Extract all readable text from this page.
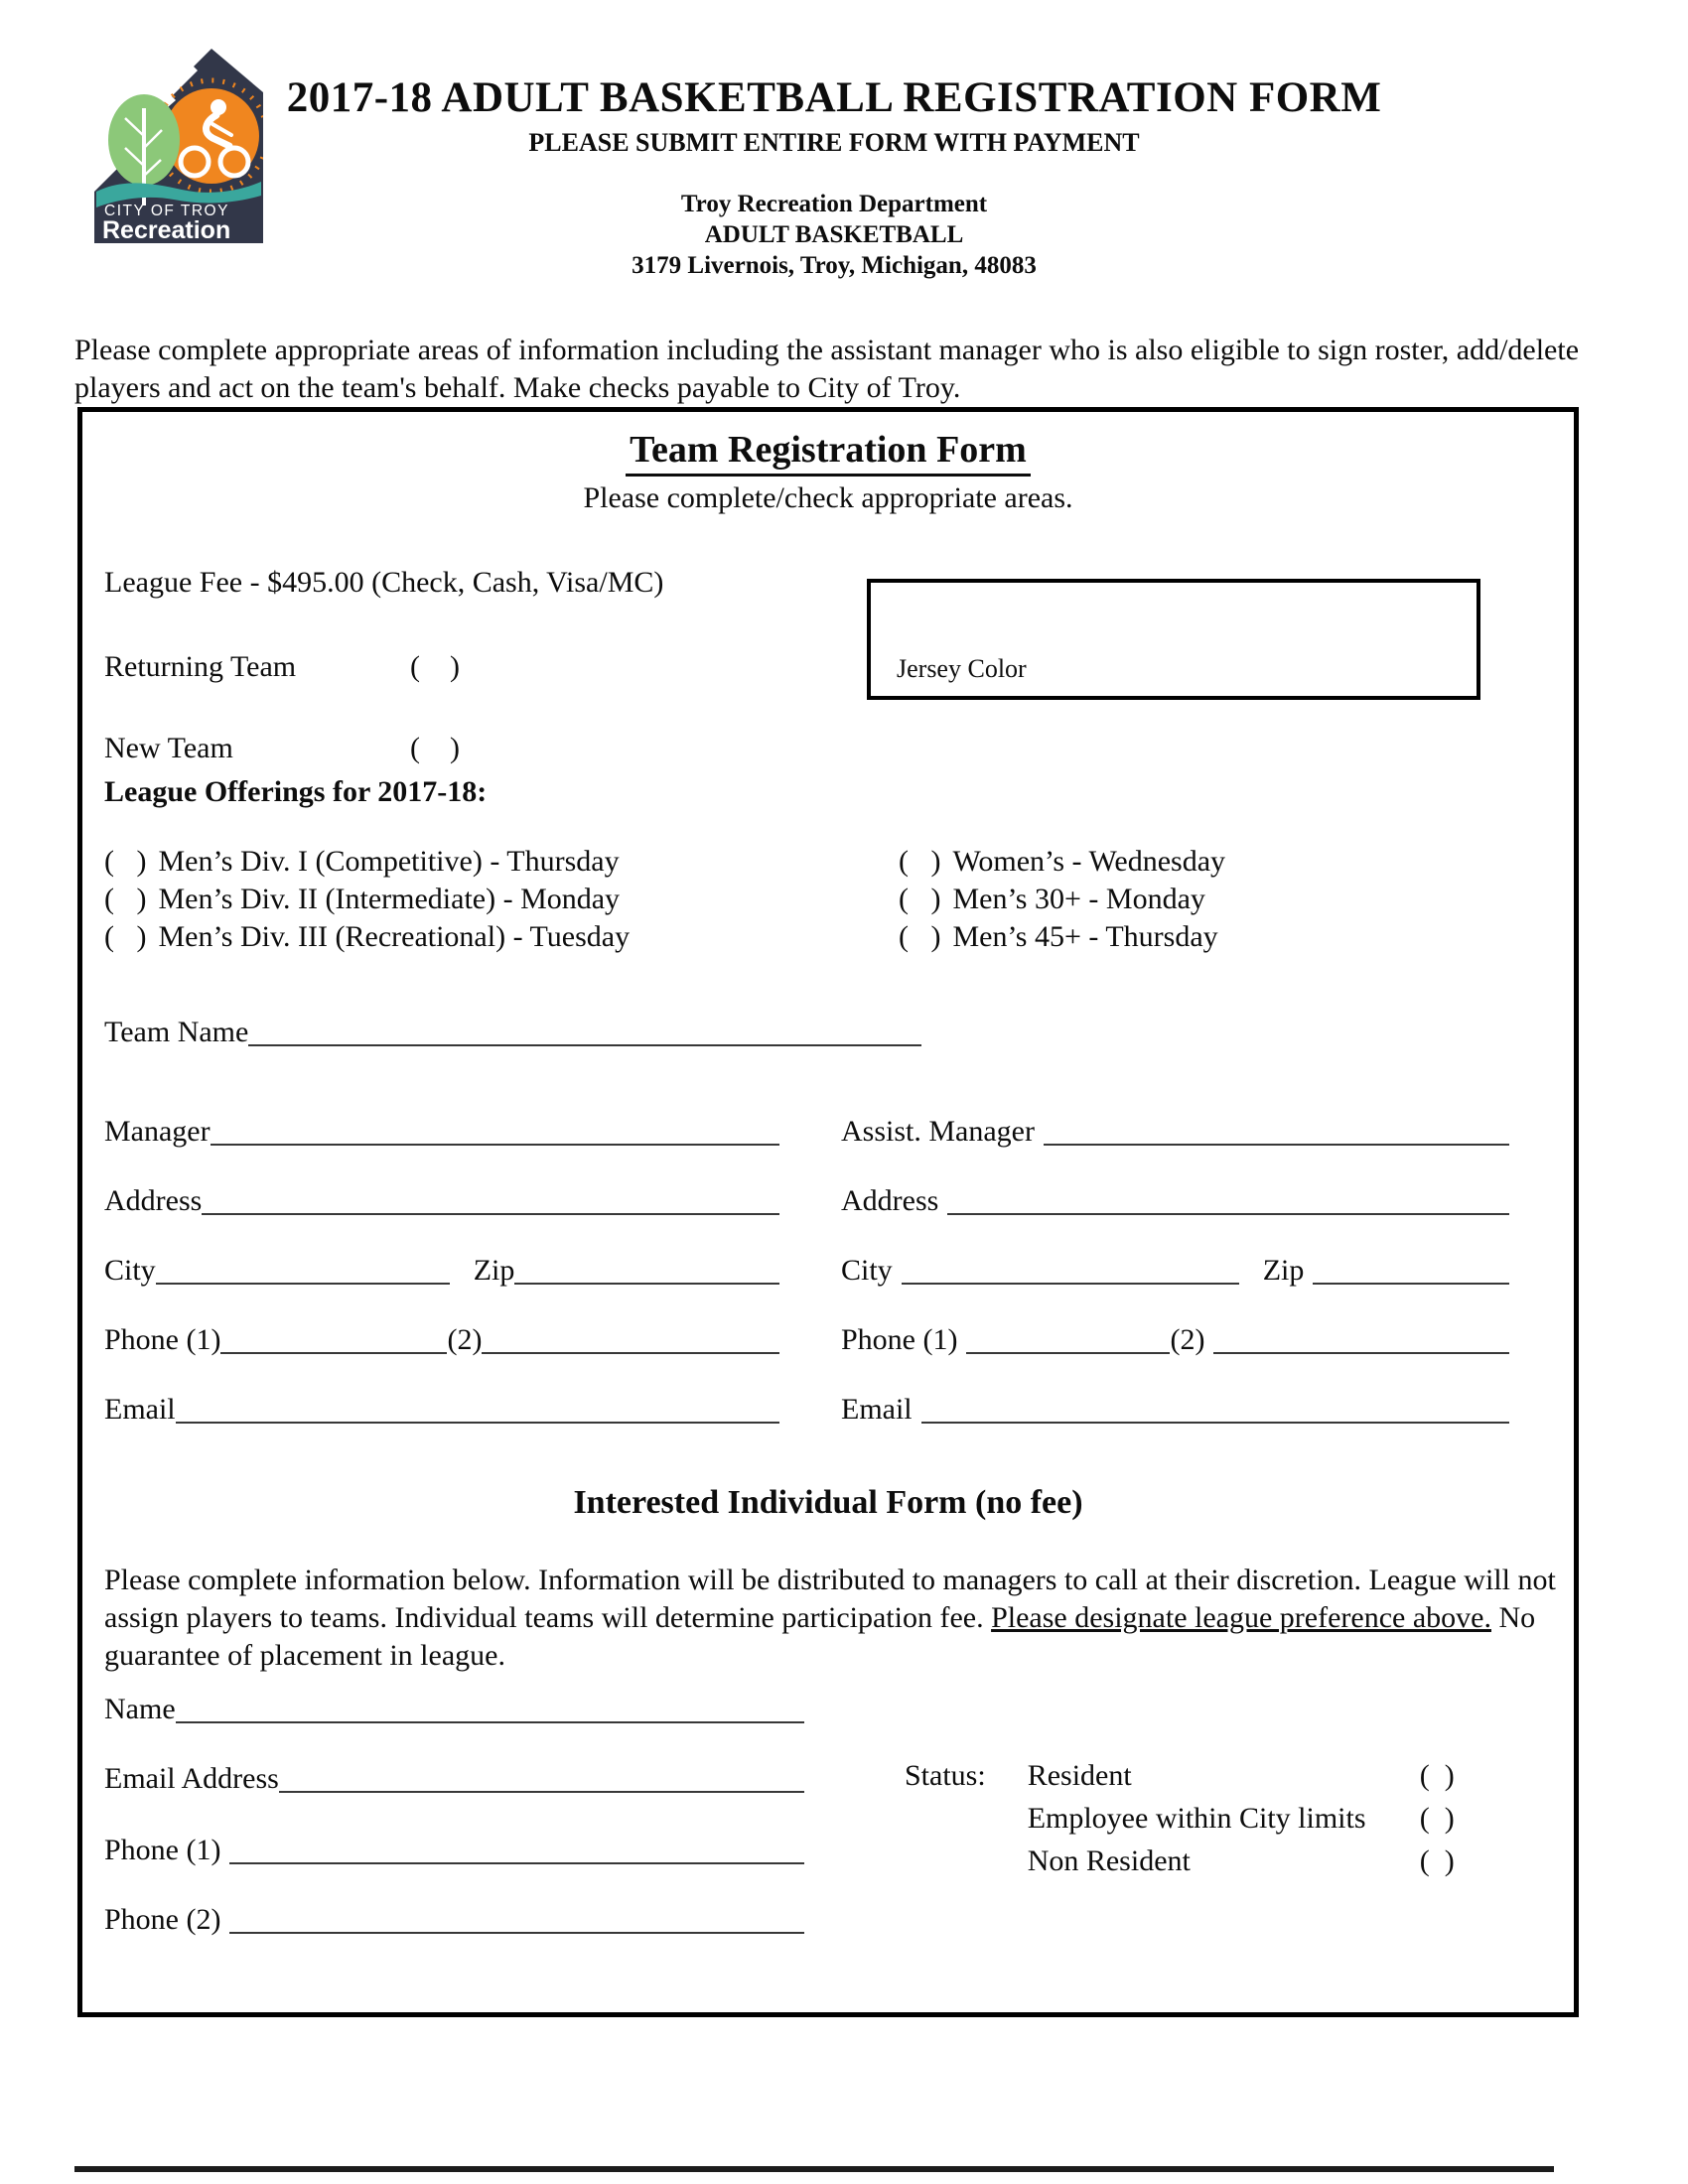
CITY OF TROY
Recreation
2017-18 ADULT BASKETBALL REGISTRATION FORM
PLEASE SUBMIT ENTIRE FORM WITH PAYMENT
Troy Recreation Department
ADULT BASKETBALL
3179 Livernois, Troy, Michigan, 48083

Please complete appropriate areas of information including the assistant manager who is also eligible to sign roster, add/delete players and act on the team's behalf. Make checks payable to City of Troy.

Team Registration Form
Please complete/check appropriate areas.
League Fee - $495.00 (Check, Cash, Visa/MC)
Returning Team	(    )
New Team	(    )
Jersey Color
League Offerings for 2017-18:
(   ) Men’s Div. I (Competitive) - Thursday
(   ) Men’s Div. II (Intermediate) - Monday
(   ) Men’s Div. III (Recreational) - Tuesday
(   ) Women’s - Wednesday
(   ) Men’s 30+ - Monday
(   ) Men’s 45+ - Thursday
Team Name
Manager
Address
City	Zip
Phone (1)	(2)
Email
Assist. Manager
Address
City	Zip
Phone (1)	(2)
Email
Interested Individual Form (no fee)

Please complete information below. Information will be distributed to managers to call at their discretion. League will not assign players to teams. Individual teams will determine participation fee. Please designate league preference above. No guarantee of placement in league.

Name
Email Address
Phone (1)
Phone (2)
Status: Resident	(  )
Employee within City limits (  )
Non Resident	(  )
